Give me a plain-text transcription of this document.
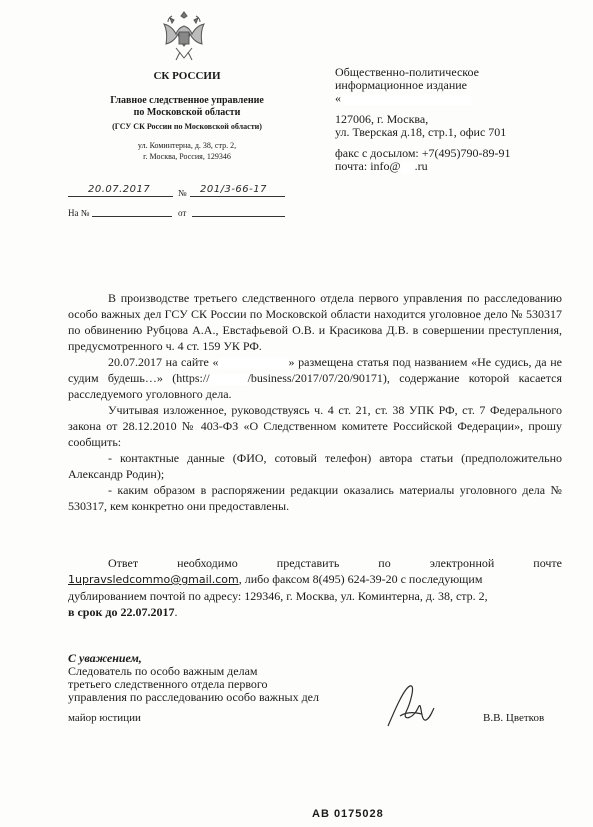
СК РОССИИ
Главное следственное управление
по Московской области
(ГСУ СК России по Московской области)
ул. Коминтерна, д. 38, стр. 2,
г. Москва, Россия, 129346
20.07.2017	№ 201/3-66-17
На №	от
Общественно-политическое
информационное издание
«
127006, г. Москва,
ул. Тверская д.18, стр.1, офис 701
факс с досылом: +7(495)790-89-91
почта: info@ .ru

В производстве третьего следственного отдела первого управления по расследованию особо важных дел ГСУ СК России по Московской области находится уголовное дело № 530317 по обвинению Рубцова А.А., Евстафьевой О.В. и Красикова Д.В. в совершении преступления, предусмотренного ч. 4 ст. 159 УК РФ.

20.07.2017 на сайте «	» размещена статья под названием «Не судись, да не судим будешь…» (https://	/business/2017/07/20/90171), содержание которой касается расследуемого уголовного дела.

Учитывая изложенное, руководствуясь ч. 4 ст. 21, ст. 38 УПК РФ, ст. 7 Федерального закона от 28.12.2010 № 403-ФЗ «О Следственном комитете Российской Федерации», прошу сообщить:

- контактные данные (ФИО, сотовый телефон) автора статьи (предположительно Александр Родин);

- каким образом в распоряжении редакции оказались материалы уголовного дела № 530317, кем конкретно они предоставлены.

Ответ необходимо представить по электронной почте
1upravsledcommo@gmail.com, либо факсом 8(495) 624-39-20 с последующим
дублированием почтой по адресу: 129346, г. Москва, ул. Коминтерна, д. 38, стр. 2,
в срок до 22.07.2017.
С уважением,
Следователь по особо важным делам
третьего следственного отдела первого
управления по расследованию особо важных дел
майор юстиции	В.В. Цветков
АВ 0175028
